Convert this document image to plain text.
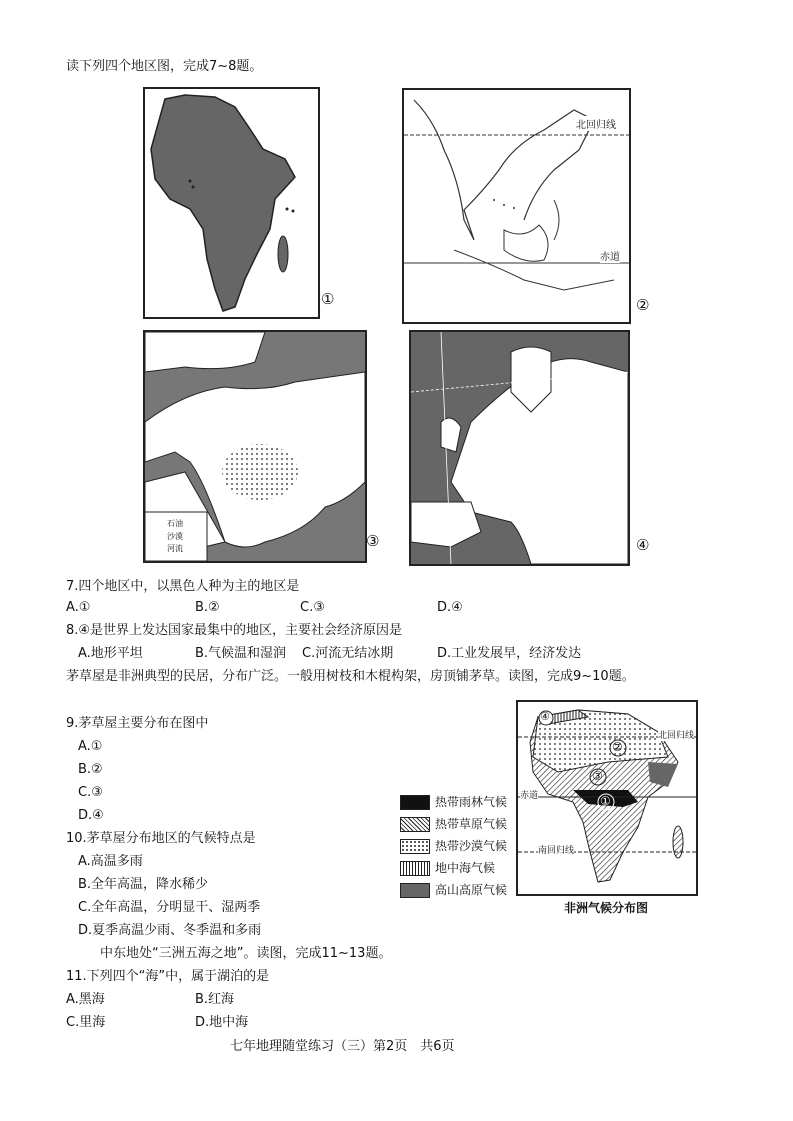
读下列四个地区图，完成7~8题。
①
北回归线
赤道
②
石油
沙漠
河流	③	④
7.四个地区中，以黑色人种为主的地区是
A.①	B.②	C.③	D.④
8.④是世界上发达国家最集中的地区，主要社会经济原因是
A.地形平坦	B.气候温和湿润 C.河流无结冰期	D.工业发展早，经济发达
茅草屋是非洲典型的民居，分布广泛。一般用树枝和木棍构架，房顶铺茅草。读图，完成9~10题。
9.茅草屋主要分布在图中
A.①
B.②
C.③
D.④
10.茅草屋分布地区的气候特点是
A.高温多雨
B.全年高温，降水稀少
C.全年高温，分明显干、湿两季
D.夏季高温少雨、冬季温和多雨
热带雨林气候
热带草原气候
热带沙漠气候
地中海气候
高山高原气候
④
②
③
①
北回归线
赤道
南回归线
非洲气候分布图
中东地处“三洲五海之地”。读图，完成11~13题。
11.下列四个“海”中，属于湖泊的是
A.黑海	B.红海
C.里海	D.地中海
七年地理随堂练习（三）第2页　共6页
